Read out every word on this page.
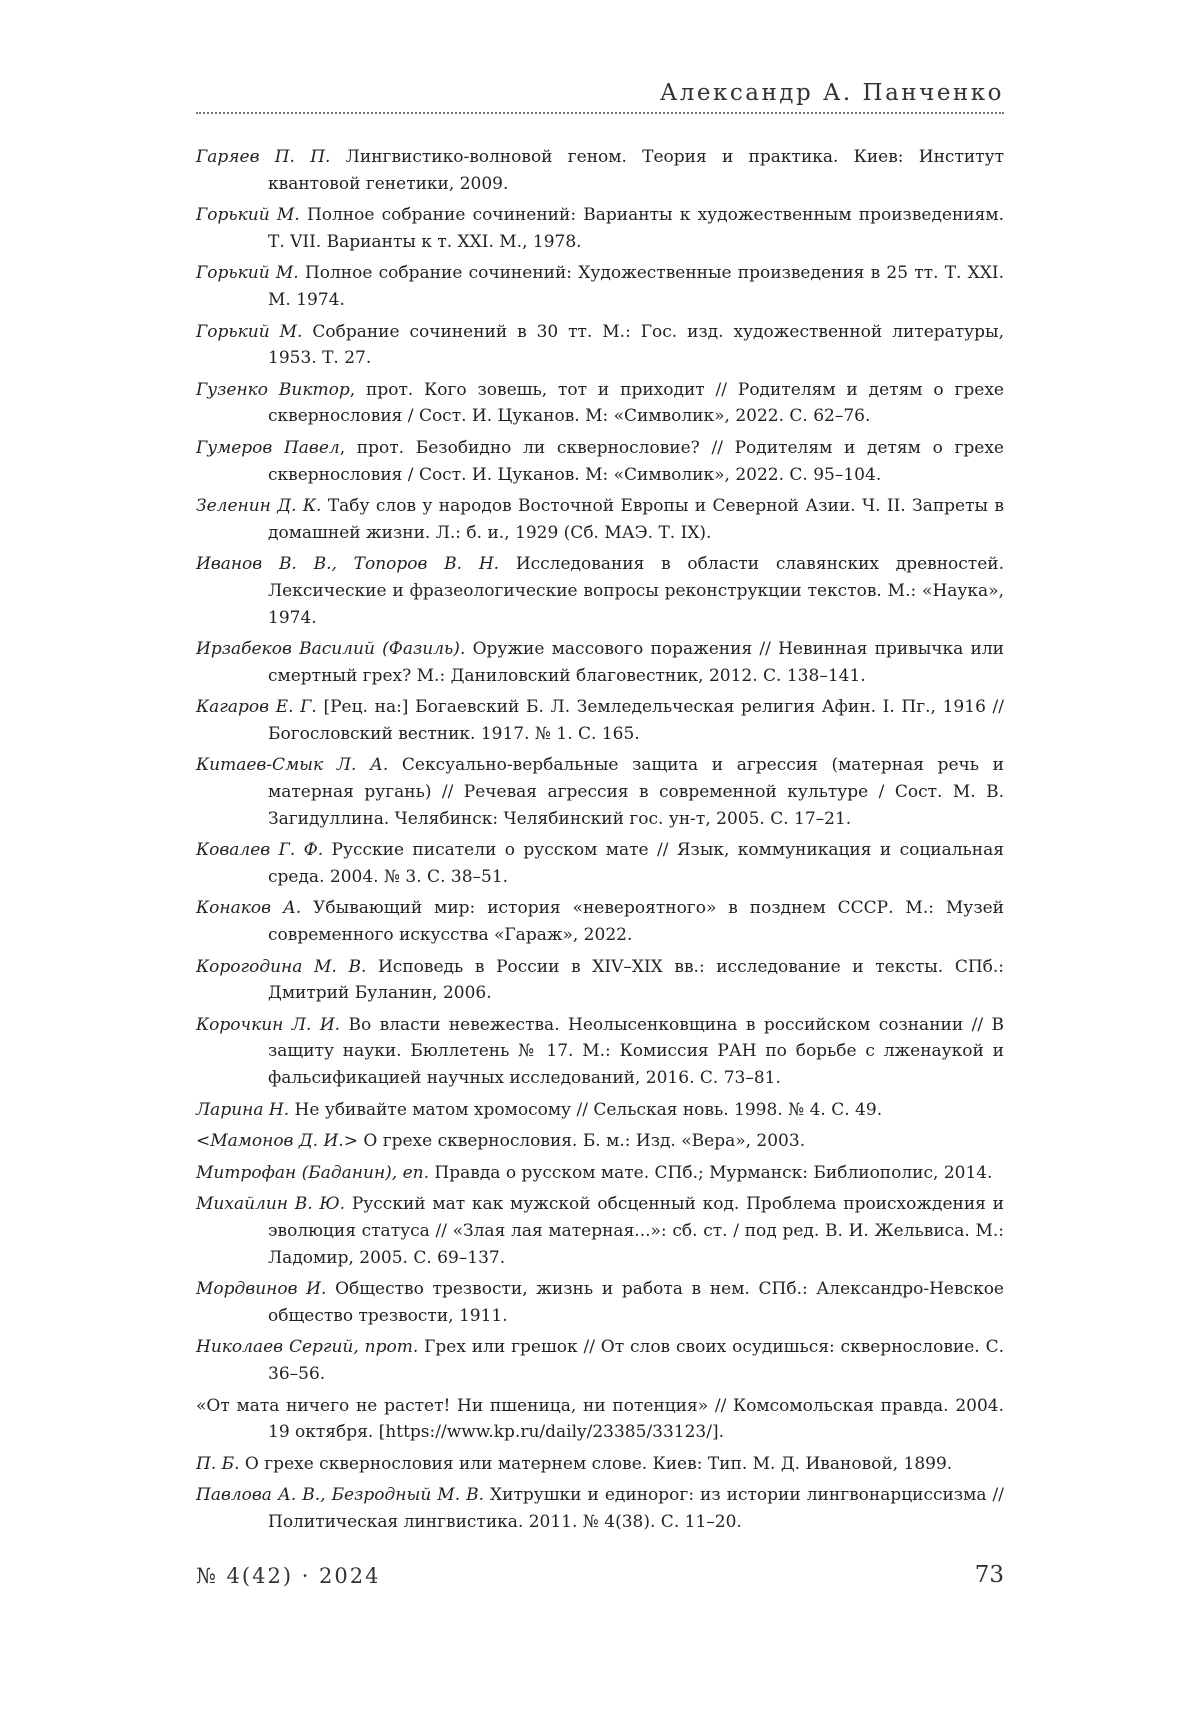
Александр А. Панченко
Гаряев П. П. Лингвистико-волновой геном. Теория и практика. Киев: Институт квантовой генетики, 2009.
Горький М. Полное собрание сочинений: Варианты к художественным произведениям. Т. VII. Варианты к т. XXI. М., 1978.
Горький М. Полное собрание сочинений: Художественные произведения в 25 тт. Т. XXI. М. 1974.
Горький М. Собрание сочинений в 30 тт. М.: Гос. изд. художественной литературы, 1953. Т. 27.
Гузенко Виктор, прот. Кого зовешь, тот и приходит // Родителям и детям о грехе сквернословия / Сост. И. Цуканов. М: «Символик», 2022. С. 62–76.
Гумеров Павел, прот. Безобидно ли сквернословие? // Родителям и детям о грехе сквернословия / Сост. И. Цуканов. М: «Символик», 2022. С. 95–104.
Зеленин Д. К. Табу слов у народов Восточной Европы и Северной Азии. Ч. II. Запреты в домашней жизни. Л.: б. и., 1929 (Сб. МАЭ. Т. IX).
Иванов В. В., Топоров В. Н. Исследования в области славянских древностей. Лексические и фразеологические вопросы реконструкции текстов. М.: «Наука», 1974.
Ирзабеков Василий (Фазиль). Оружие массового поражения // Невинная привычка или смертный грех? М.: Даниловский благовестник, 2012. С. 138–141.
Кагаров Е. Г. [Рец. на:] Богаевский Б. Л. Земледельческая религия Афин. I. Пг., 1916 // Богословский вестник. 1917. № 1. С. 165.
Китаев-Смык Л. А. Сексуально-вербальные защита и агрессия (матерная речь и матерная ругань) // Речевая агрессия в современной культуре / Сост. М. В. Загидуллина. Челябинск: Челябинский гос. ун-т, 2005. С. 17–21.
Ковалев Г. Ф. Русские писатели о русском мате // Язык, коммуникация и социальная среда. 2004. № 3. С. 38–51.
Конаков А. Убывающий мир: история «невероятного» в позднем СССР. М.: Музей современного искусства «Гараж», 2022.
Корогодина М. В. Исповедь в России в XIV–XIX вв.: исследование и тексты. СПб.: Дмитрий Буланин, 2006.
Корочкин Л. И. Во власти невежества. Неолысенковщина в российском сознании // В защиту науки. Бюллетень № 17. М.: Комиссия РАН по борьбе с лженаукой и фальсификацией научных исследований, 2016. С. 73–81.
Ларина Н. Не убивайте матом хромосому // Сельская новь. 1998. № 4. С. 49.
<Мамонов Д. И.> О грехе сквернословия. Б. м.: Изд. «Вера», 2003.
Митрофан (Баданин), еп. Правда о русском мате. СПб.; Мурманск: Библиополис, 2014.
Михайлин В. Ю. Русский мат как мужской обсценный код. Проблема происхождения и эволюция статуса // «Злая лая матерная...»: сб. ст. / под ред. В. И. Жельвиса. М.: Ладомир, 2005. С. 69–137.
Мордвинов И. Общество трезвости, жизнь и работа в нем. СПб.: Александро-Невское общество трезвости, 1911.
Николаев Сергий, прот. Грех или грешок // От слов своих осудишься: сквернословие. С. 36–56.
«От мата ничего не растет! Ни пшеница, ни потенция» // Комсомольская правда. 2004. 19 октября. [https://www.kp.ru/daily/23385/33123/].
П. Б. О грехе сквернословия или матернем слове. Киев: Тип. М. Д. Ивановой, 1899.
Павлова А. В., Безродный М. В. Хитрушки и единорог: из истории лингвонарциссизма // Политическая лингвистика. 2011. № 4(38). С. 11–20.
№ 4(42) · 2024	73
